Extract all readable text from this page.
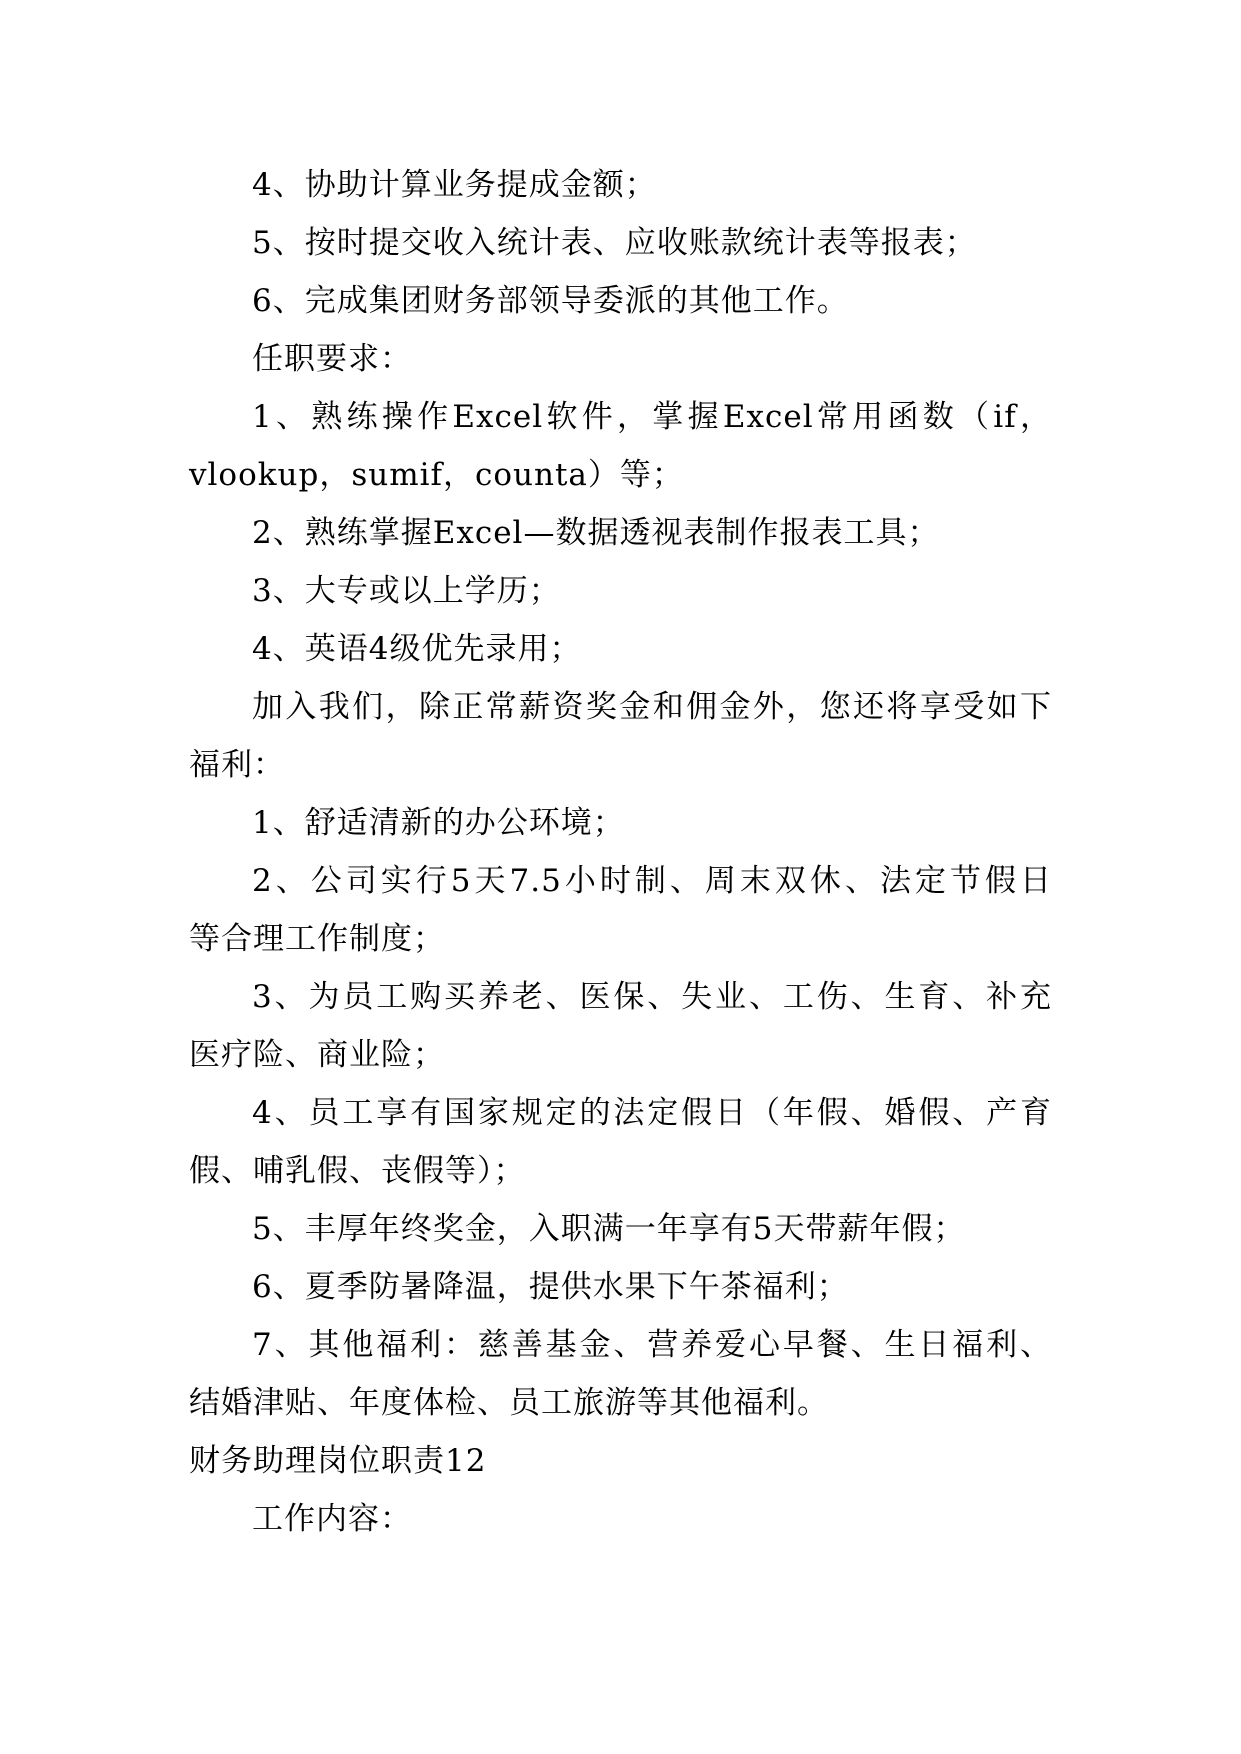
4、协助计算业务提成金额；
5、按时提交收入统计表、应收账款统计表等报表；
6、完成集团财务部领导委派的其他工作。
任职要求：
1、熟练操作Excel软件，掌握Excel常用函数（if，
vlookup，sumif，counta）等；
2、熟练掌握Excel—数据透视表制作报表工具；
3、大专或以上学历；
4、英语4级优先录用；
加入我们，除正常薪资奖金和佣金外，您还将享受如下
福利：
1、舒适清新的办公环境；
2、公司实行5天7.5小时制、周末双休、法定节假日
等合理工作制度；
3、为员工购买养老、医保、失业、工伤、生育、补充
医疗险、商业险；
4、员工享有国家规定的法定假日（年假、婚假、产育
假、哺乳假、丧假等）；
5、丰厚年终奖金，入职满一年享有5天带薪年假；
6、夏季防暑降温，提供水果下午茶福利；
7、其他福利：慈善基金、营养爱心早餐、生日福利、
结婚津贴、年度体检、员工旅游等其他福利。
财务助理岗位职责12
工作内容：
